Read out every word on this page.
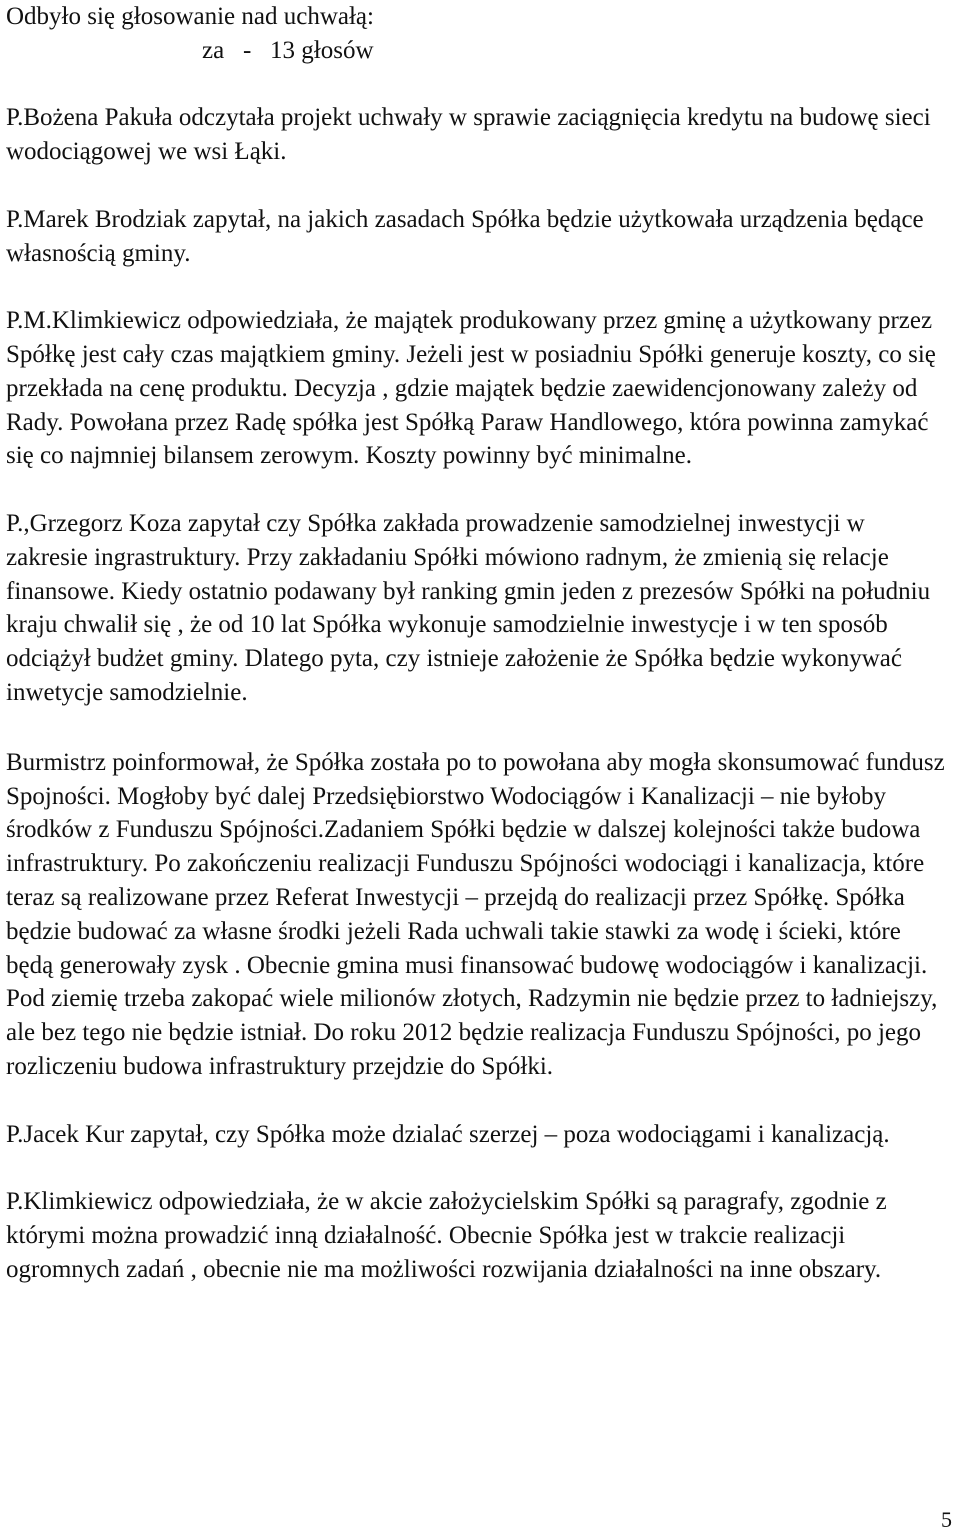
Odbyło się głosowanie nad uchwałą:
za   -   13 głosów

P.Bożena Pakuła odczytała projekt uchwały w sprawie zaciągnięcia kredytu na budowę sieci wodociągowej we wsi Łąki.

P.Marek Brodziak zapytał, na jakich zasadach Spółka będzie użytkowała urządzenia będące własnością gminy.

P.M.Klimkiewicz odpowiedziała, że majątek produkowany przez gminę a użytkowany przez Spółkę jest cały czas majątkiem gminy. Jeżeli jest w posiadniu Spółki generuje koszty, co się przekłada na cenę produktu. Decyzja , gdzie majątek będzie zaewidencjonowany zależy od Rady. Powołana przez Radę spółka jest Spółką Paraw Handlowego, która powinna zamykać się co najmniej bilansem zerowym. Koszty powinny być minimalne.

P.,Grzegorz Koza zapytał czy Spółka zakłada prowadzenie samodzielnej inwestycji w zakresie ingrastruktury. Przy zakładaniu Spółki mówiono radnym, że zmienią się relacje finansowe. Kiedy ostatnio podawany był ranking gmin jeden z prezesów Spółki na południu kraju chwalił się , że od 10 lat Spółka wykonuje samodzielnie inwestycje i w ten sposób odciążył budżet gminy. Dlatego pyta, czy istnieje założenie że Spółka będzie wykonywać inwetycje samodzielnie.

Burmistrz poinformował, że Spółka została po to powołana aby mogła skonsumować fundusz Spojności. Mogłoby być dalej Przedsiębiorstwo Wodociągów i Kanalizacji – nie byłoby środków z Funduszu Spójności.Zadaniem Spółki będzie w dalszej kolejności także budowa infrastruktury. Po zakończeniu realizacji Funduszu Spójności wodociągi i kanalizacja, które teraz są realizowane przez Referat Inwestycji – przejdą do realizacji przez Spółkę. Spółka będzie budować za własne środki jeżeli Rada uchwali takie stawki za wodę i ścieki, które będą generowały zysk . Obecnie gmina musi finansować budowę wodociągów i kanalizacji. Pod ziemię trzeba zakopać wiele milionów złotych, Radzymin nie będzie przez to ładniejszy, ale bez tego nie będzie istniał. Do roku 2012 będzie realizacja Funduszu Spójności, po jego rozliczeniu budowa infrastruktury przejdzie do Spółki.

P.Jacek Kur zapytał, czy Spółka może dzialać szerzej – poza wodociągami i kanalizacją.

P.Klimkiewicz odpowiedziała, że w akcie założycielskim Spółki są paragrafy, zgodnie z którymi można prowadzić inną działalność. Obecnie Spółka jest w trakcie realizacji ogromnych zadań , obecnie nie ma możliwości rozwijania działalności na inne obszary.

5
